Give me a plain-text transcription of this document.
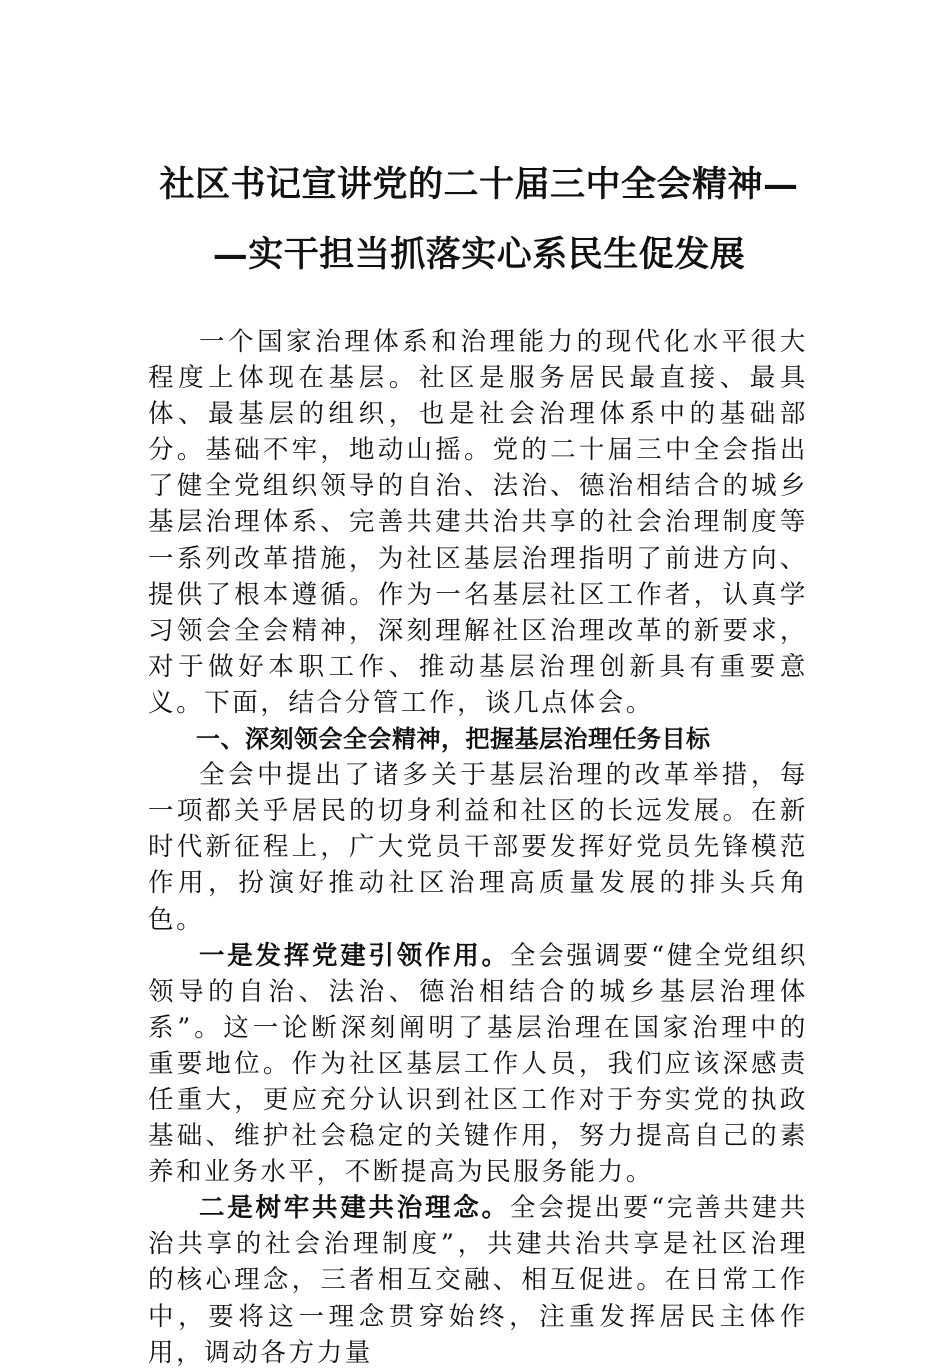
社区书记宣讲党的二十届三中全会精神—
—实干担当抓落实心系民生促发展

一个国家治理体系和治理能力的现代化水平很大程度上体现在基层。社区是服务居民最直接、最具体、最基层的组织，也是社会治理体系中的基础部分。基础不牢，地动山摇。党的二十届三中全会指出了健全党组织领导的自治、法治、德治相结合的城乡基层治理体系、完善共建共治共享的社会治理制度等一系列改革措施，为社区基层治理指明了前进方向、提供了根本遵循。作为一名基层社区工作者，认真学习领会全会精神，深刻理解社区治理改革的新要求，对于做好本职工作、推动基层治理创新具有重要意义。下面，结合分管工作，谈几点体会。

一、深刻领会全会精神，把握基层治理任务目标

全会中提出了诸多关于基层治理的改革举措，每一项都关乎居民的切身利益和社区的长远发展。在新时代新征程上，广大党员干部要发挥好党员先锋模范作用，扮演好推动社区治理高质量发展的排头兵角色。

一是发挥党建引领作用。全会强调要“健全党组织领导的自治、法治、德治相结合的城乡基层治理体系”。这一论断深刻阐明了基层治理在国家治理中的重要地位。作为社区基层工作人员，我们应该深感责任重大，更应充分认识到社区工作对于夯实党的执政基础、维护社会稳定的关键作用，努力提高自己的素养和业务水平，不断提高为民服务能力。

二是树牢共建共治理念。全会提出要“完善共建共治共享的社会治理制度”，共建共治共享是社区治理的核心理念，三者相互交融、相互促进。在日常工作中，要将这一理念贯穿始终，注重发挥居民主体作用，调动各方力量
